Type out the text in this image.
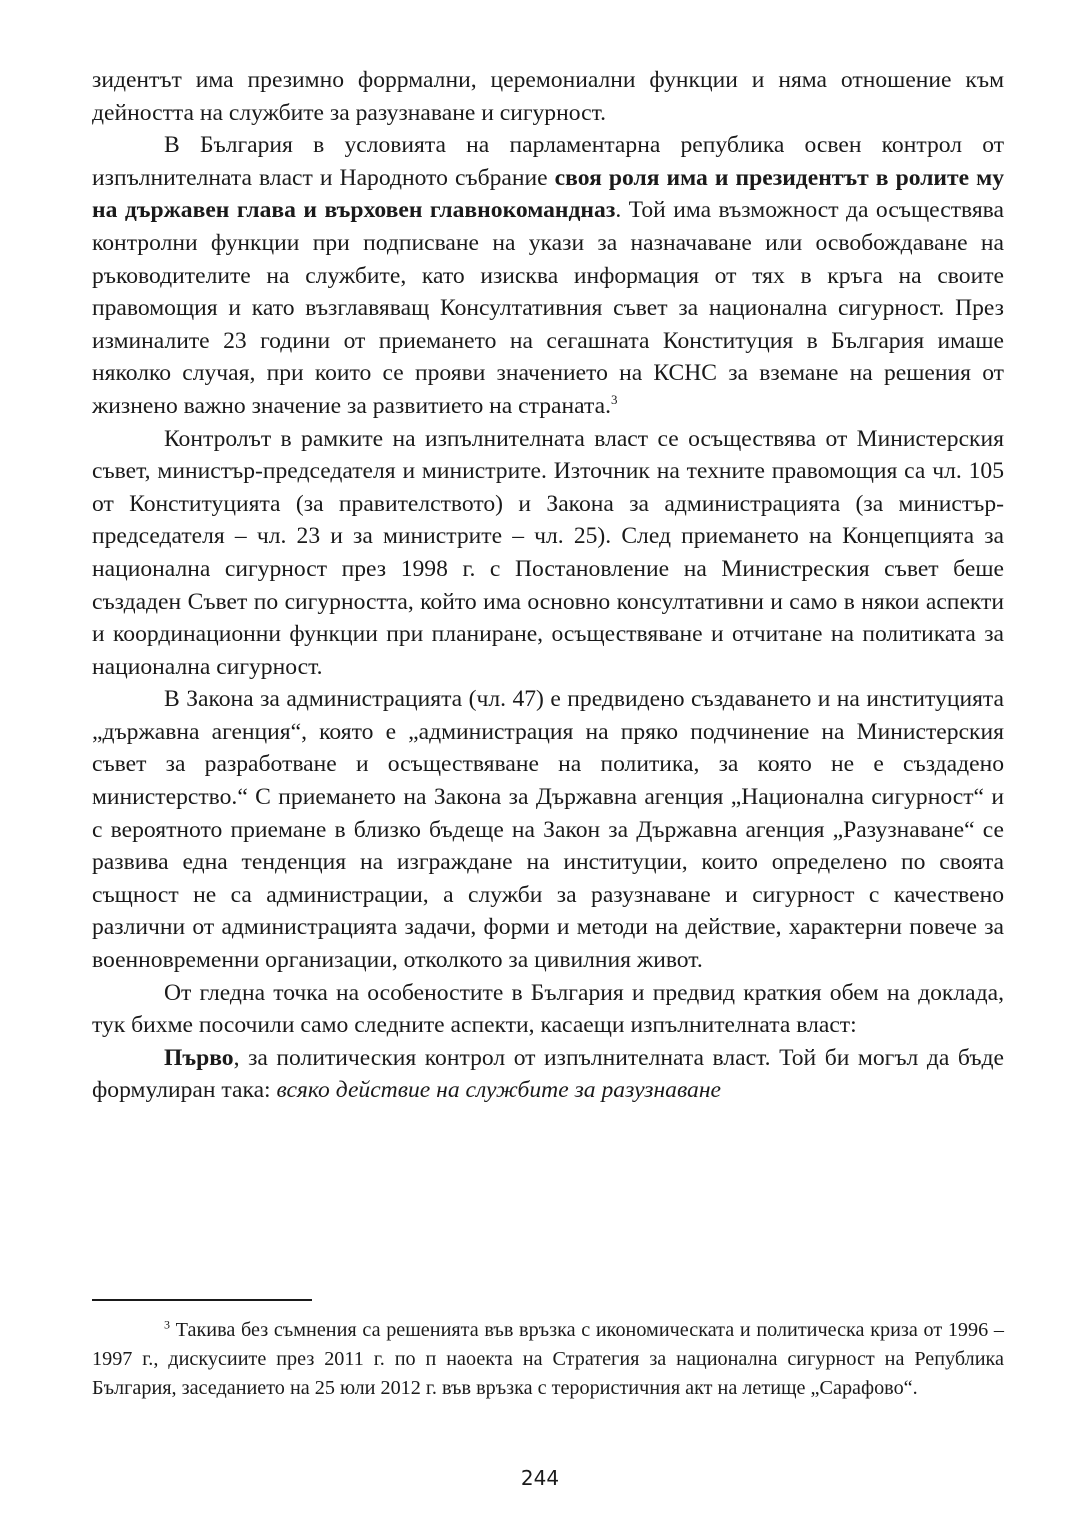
зидентът има презимно форрмални, церемониални функции и няма отношение към дейността на службите за разузнаване и сигурност.

В България в условията на парламентарна република освен контрол от изпълнителната власт и Народното събрание своя роля има и президентът в ролите му на държавен глава и върховен главнокомандназ. Той има възможност да осъществява контролни функции при подписване на укази за назначаване или освобождаване на ръководителите на службите, като изисква информация от тях в кръга на своите правомощия и като възглавяващ Консултативния съвет за национална сигурност. През изминалите 23 години от приемането на сегашната Конституция в България имаше няколко случая, при които се прояви значението на КСНС за вземане на решения от жизнено важно значение за развитието на страната.$^3$

Контролът в рамките на изпълнителната власт се осъществява от Министерския съвет, министър-председателя и министрите. Източник на техните правомощия са чл. 105 от Конституцията (за правителството) и Закона за администрацията (за министър-председателя – чл. 23 и за министрите – чл. 25). След приемането на Концепцията за национална сигурност през 1998 г. с Постановление на Министреския съвет беше създаден Съвет по сигурността, който има основно консултативни и само в някои аспекти и координационни функции при планиране, осъществяване и отчитане на политиката за национална сигурност.

В Закона за администрацията (чл. 47) е предвидено създаването и на институцията „държавна агенция“, която е „администрация на пряко подчинение на Министерския съвет за разработване и осъществяване на политика, за която не е създадено министерство.“ С приемането на Закона за Държавна агенция „Национална сигурност“ и с вероятното приемане в близко бъдеще на Закон за Държавна агенция „Разузнаване“ се развива една тенденция на изграждане на институции, които определено по своята същност не са администрации, а служби за разузнаване и сигурност с качествено различни от администрацията задачи, форми и методи на действие, характерни повече за военновременни организации, отколкото за цивилния живот.

От гледна точка на особеностите в България и предвид краткия обем на доклада, тук бихме посочили само следните аспекти, касаещи изпълнителната власт:

Първо, за политическия контрол от изпълнителната власт. Той би могъл да бъде формулиран така: всяко действие на службите за разузнаване

$^3$ Такива без съмнения са решенията във връзка с икономическата и политическа криза от 1996 – 1997 г., дискусиите през 2011 г. по п наоекта на Стратегия за национална сигурност на Република България, заседанието на 25 юли 2012 г. във връзка с терористичния акт на летище „Сарафово“.

244
